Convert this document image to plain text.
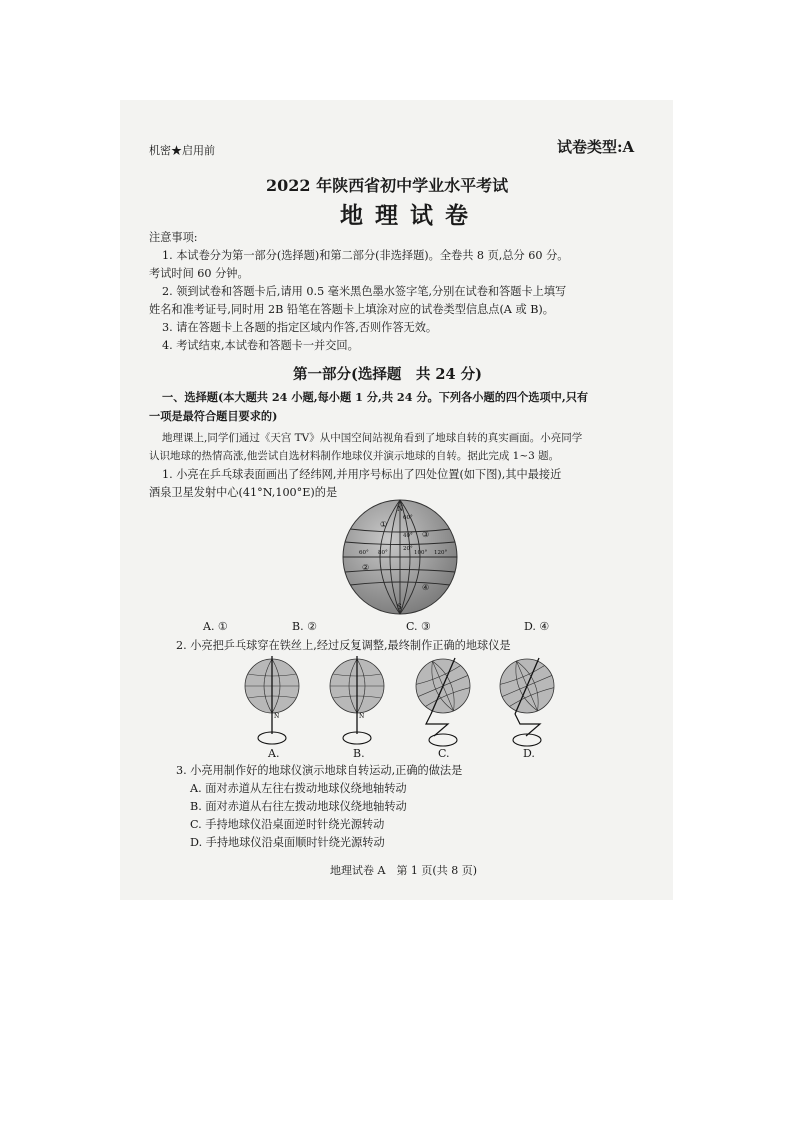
机密★启用前	试卷类型:A
2022 年陕西省初中学业水平考试
地 理 试 卷
注意事项:
1. 本试卷分为第一部分(选择题)和第二部分(非选择题)。全卷共 8 页,总分 60 分。
考试时间 60 分钟。
2. 领到试卷和答题卡后,请用 0.5 毫米黑色墨水签字笔,分别在试卷和答题卡上填写
姓名和准考证号,同时用 2B 铅笔在答题卡上填涂对应的试卷类型信息点(A 或 B)。
3. 请在答题卡上各题的指定区域内作答,否则作答无效。
4. 考试结束,本试卷和答题卡一并交回。
第一部分(选择题　共 24 分)
一、选择题(本大题共 24 小题,每小题 1 分,共 24 分。下列各小题的四个选项中,只有
一项是最符合题目要求的)
地理课上,同学们通过《天宫 TV》从中国空间站视角看到了地球自转的真实画面。小亮同学
认识地球的热情高涨,他尝试自选材料制作地球仪并演示地球的自转。据此完成 1~3 题。
1. 小亮在乒乓球表面画出了经纬网,并用序号标出了四处位置(如下图),其中最接近
酒泉卫星发射中心(41°N,100°E)的是
N
S
60°
40°
20°
60° 80°	100° 120°
①
②
③
④
A. ①	B. ②	C. ③	D. ④
2. 小亮把乒乓球穿在铁丝上,经过反复调整,最终制作正确的地球仪是
N	N
A.	B.	C.	D.
3. 小亮用制作好的地球仪演示地球自转运动,正确的做法是
A. 面对赤道从左往右拨动地球仪绕地轴转动
B. 面对赤道从右往左拨动地球仪绕地轴转动
C. 手持地球仪沿桌面逆时针绕光源转动
D. 手持地球仪沿桌面顺时针绕光源转动
地理试卷 A　第 1 页(共 8 页)
